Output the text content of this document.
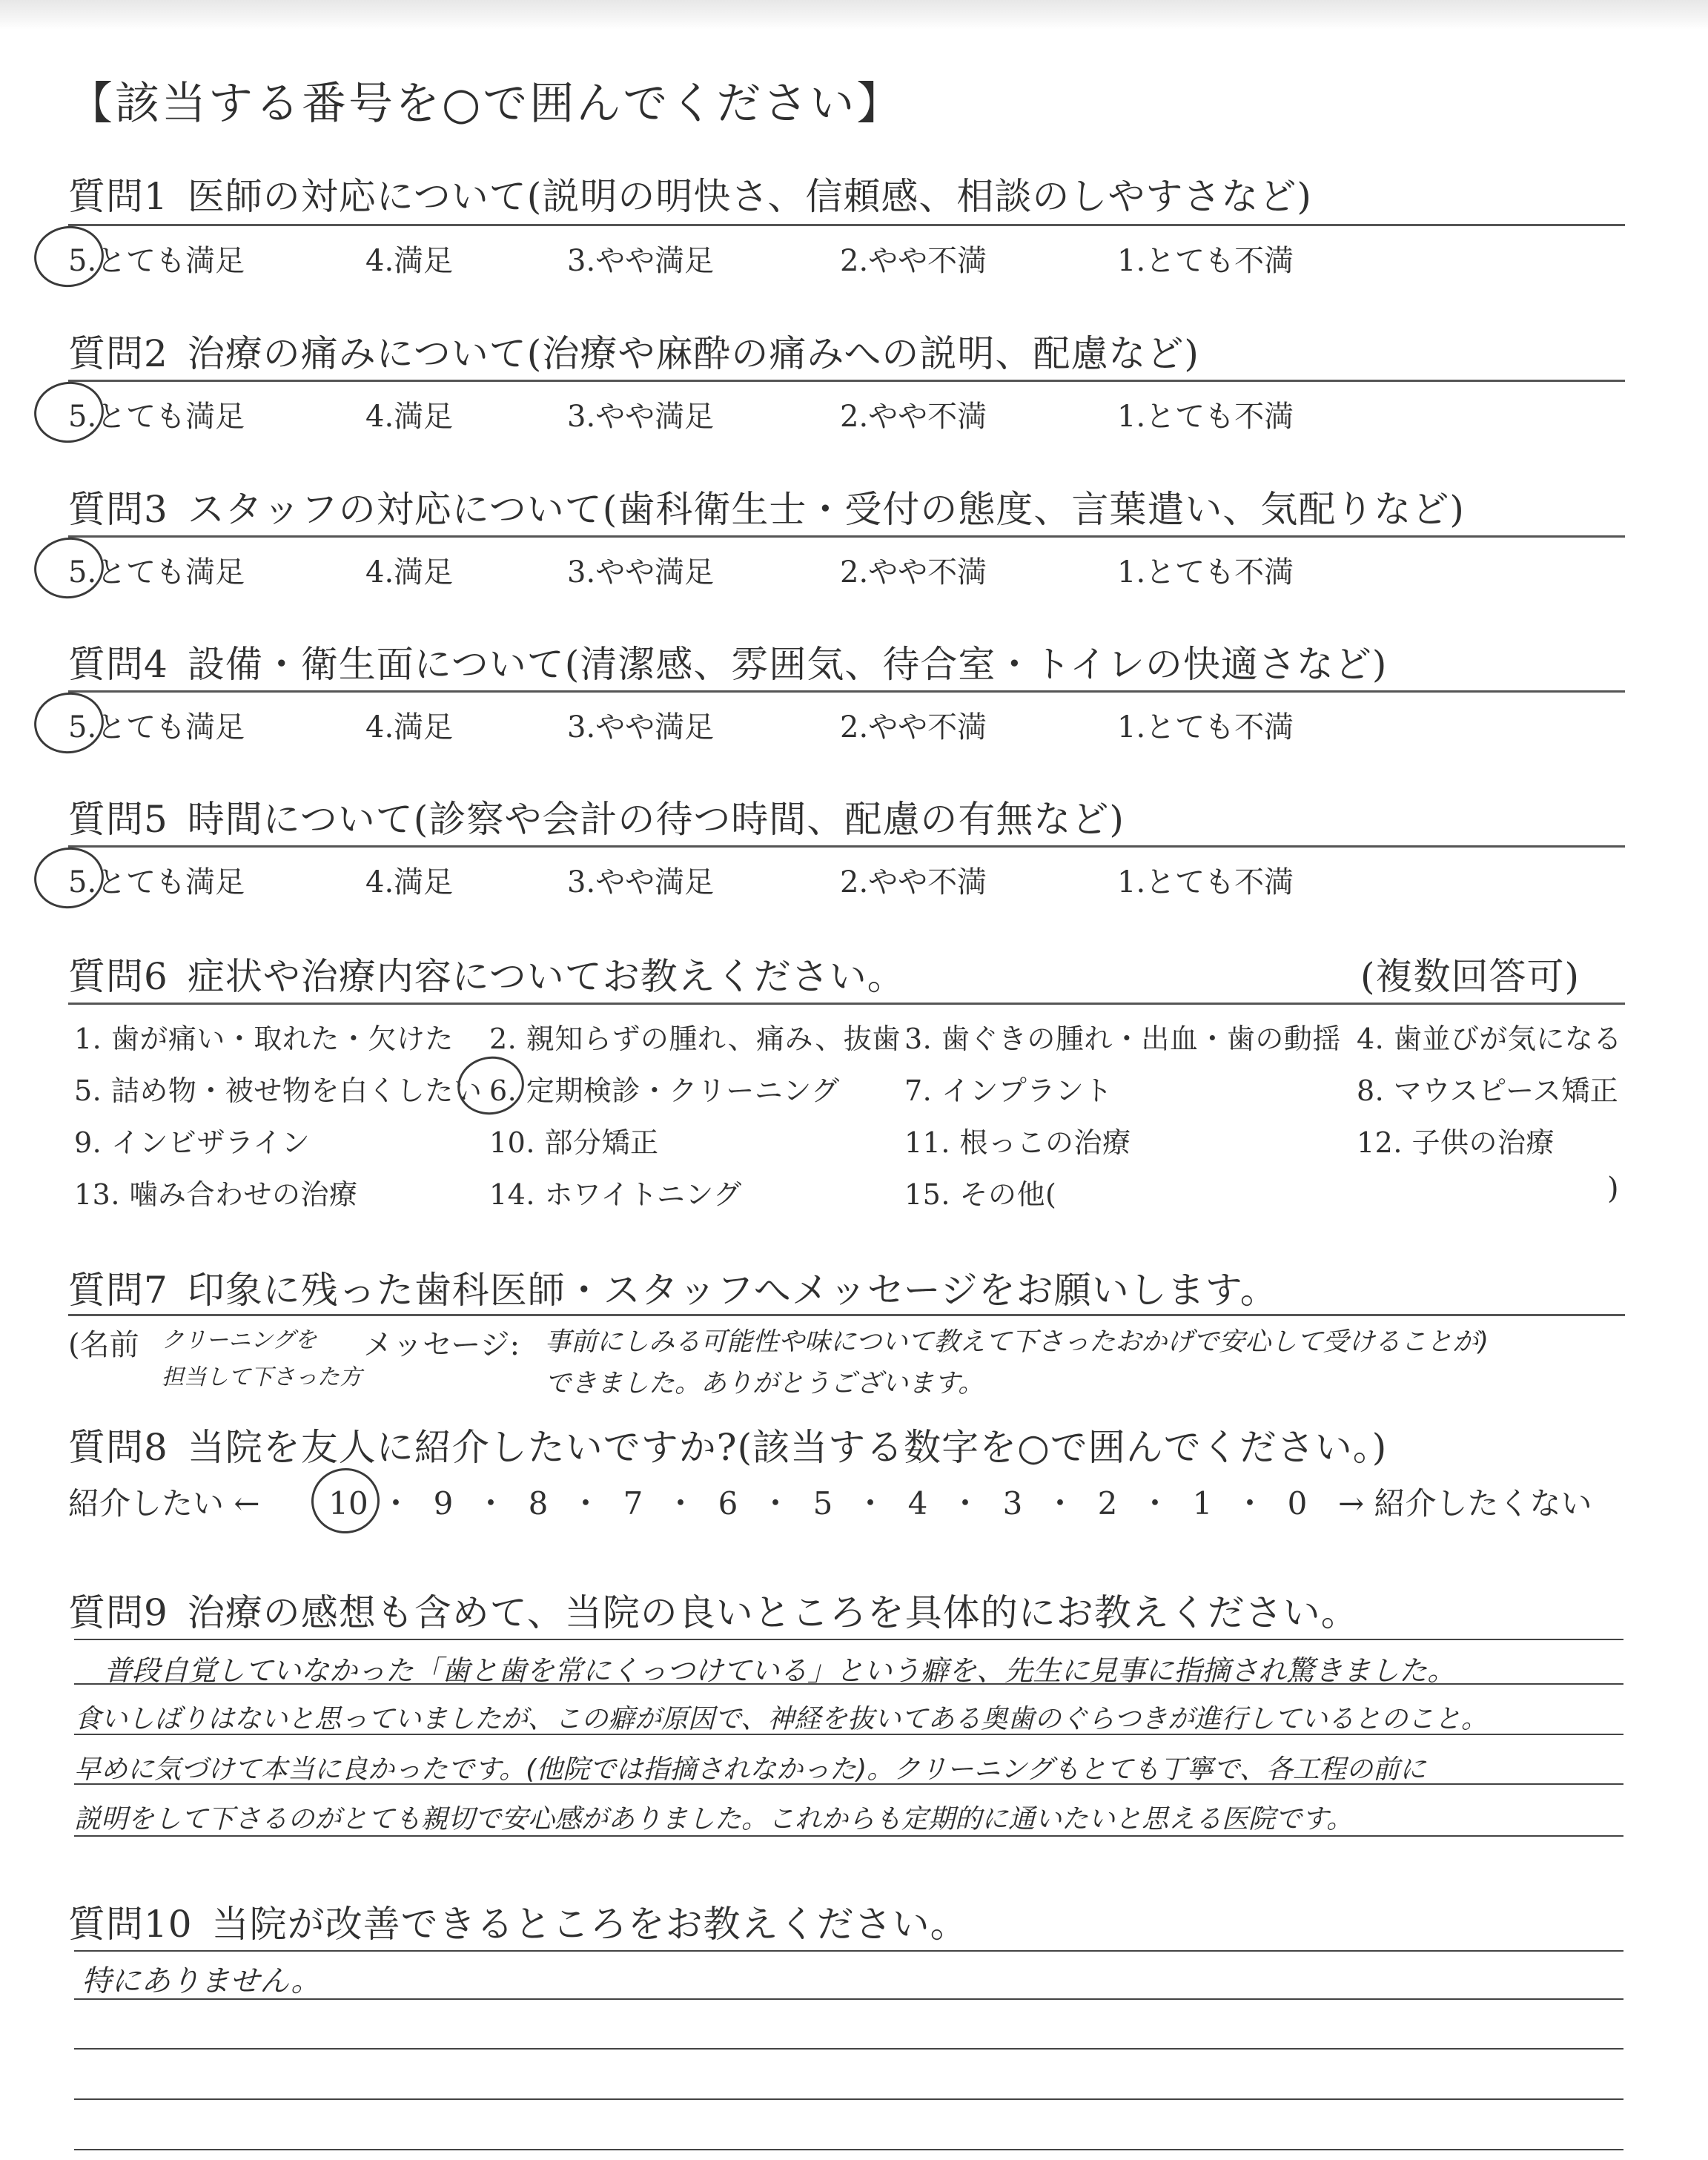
【該当する番号を○で囲んでください】
質問1 医師の対応について(説明の明快さ、信頼感、相談のしやすさなど)
5.とても満足	4.満足	3.やや満足	2.やや不満	1.とても不満
質問2 治療の痛みについて(治療や麻酔の痛みへの説明、配慮など)
5.とても満足	4.満足	3.やや満足	2.やや不満	1.とても不満
質問3 スタッフの対応について(歯科衛生士・受付の態度、言葉遣い、気配りなど)
5.とても満足	4.満足	3.やや満足	2.やや不満	1.とても不満
質問4 設備・衛生面について(清潔感、雰囲気、待合室・トイレの快適さなど)
5.とても満足	4.満足	3.やや満足	2.やや不満	1.とても不満
質問5 時間について(診察や会計の待つ時間、配慮の有無など)
5.とても満足	4.満足	3.やや満足	2.やや不満	1.とても不満
質問6 症状や治療内容についてお教えください。	(複数回答可)
1. 歯が痛い・取れた・欠けた 2. 親知らずの腫れ、痛み、抜歯 3. 歯ぐきの腫れ・出血・歯の動揺 4. 歯並びが気になる
5. 詰め物・被せ物を白くしたい 6. 定期検診・クリーニング 7. インプラント	8. マウスピース矯正
9. インビザライン	10. 部分矯正	11. 根っこの治療	12. 子供の治療
13. 噛み合わせの治療	14. ホワイトニング	15. その他(	)
質問7 印象に残った歯科医師・スタッフへメッセージをお願いします。
(名前 クリーニングを
担当して下さった方
メッセージ: 事前にしみる可能性や味について教えて下さったおかげで安心して受けることが)
できました。ありがとうございます。
質問8 当院を友人に紹介したいですか?(該当する数字を○で囲んでください。)
紹介したい ← 10 ・ 9 ・ 8 ・ 7 ・ 6 ・ 5 ・ 4 ・ 3 ・ 2 ・ 1 ・ 0 → 紹介したくない
質問9 治療の感想も含めて、当院の良いところを具体的にお教えください。
普段自覚していなかった「歯と歯を常にくっつけている」という癖を、先生に見事に指摘され驚きました。
食いしばりはないと思っていましたが、この癖が原因で、神経を抜いてある奥歯のぐらつきが進行しているとのこと。
早めに気づけて本当に良かったです。(他院では指摘されなかった)。クリーニングもとても丁寧で、各工程の前に
説明をして下さるのがとても親切で安心感がありました。これからも定期的に通いたいと思える医院です。
質問10 当院が改善できるところをお教えください。
特にありません。
